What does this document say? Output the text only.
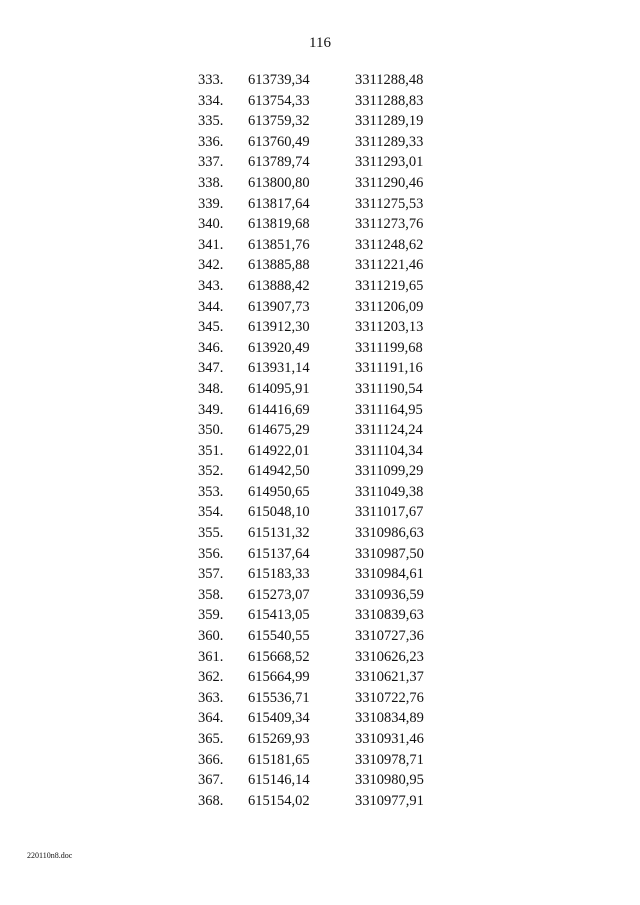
116
333.	613739,34	3311288,48
334.	613754,33	3311288,83
335.	613759,32	3311289,19
336.	613760,49	3311289,33
337.	613789,74	3311293,01
338.	613800,80	3311290,46
339.	613817,64	3311275,53
340.	613819,68	3311273,76
341.	613851,76	3311248,62
342.	613885,88	3311221,46
343.	613888,42	3311219,65
344.	613907,73	3311206,09
345.	613912,30	3311203,13
346.	613920,49	3311199,68
347.	613931,14	3311191,16
348.	614095,91	3311190,54
349.	614416,69	3311164,95
350.	614675,29	3311124,24
351.	614922,01	3311104,34
352.	614942,50	3311099,29
353.	614950,65	3311049,38
354.	615048,10	3311017,67
355.	615131,32	3310986,63
356.	615137,64	3310987,50
357.	615183,33	3310984,61
358.	615273,07	3310936,59
359.	615413,05	3310839,63
360.	615540,55	3310727,36
361.	615668,52	3310626,23
362.	615664,99	3310621,37
363.	615536,71	3310722,76
364.	615409,34	3310834,89
365.	615269,93	3310931,46
366.	615181,65	3310978,71
367.	615146,14	3310980,95
368.	615154,02	3310977,91
220110n8.doc
